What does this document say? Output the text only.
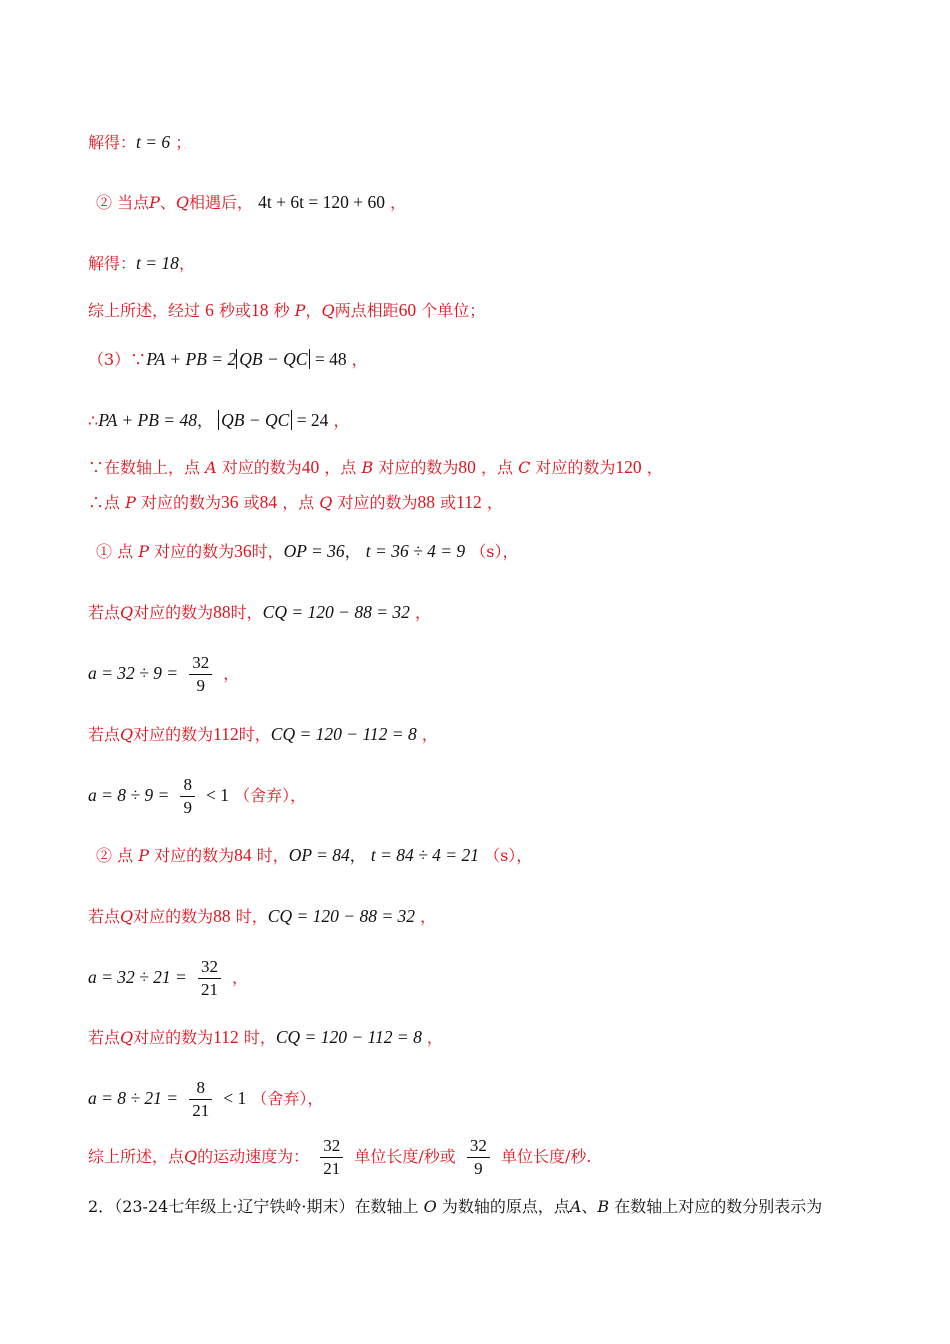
解得：t = 6 ；
② 当点P、Q相遇后， 4t + 6t = 120 + 60 ，
解得：t = 18，
综上所述，经过 6 秒或18 秒 P，Q两点相距60 个单位；
（3）∵PA + PB = 2 QB − QC = 48 ，
∴PA + PB = 48， QB − QC = 24 ，
∵在数轴上，点 A 对应的数为40 ，点 B 对应的数为80 ，点 C 对应的数为120 ，
∴点 P 对应的数为36 或84 ，点 Q 对应的数为88 或112 ，
① 点 P 对应的数为36时，OP = 36， t = 36 ÷ 4 = 9 （s），
若点Q对应的数为88时，CQ = 120 − 88 = 32 ，
$a = 32 \div 9 = \frac{32}{9}$ ，
若点Q对应的数为112时，CQ = 120 − 112 = 8 ，
$a = 8 \div 9 = \frac{8}{9} < 1$ （舍弃），
② 点 P 对应的数为84 时，OP = 84， t = 84 ÷ 4 = 21 （s），
若点Q对应的数为88 时，CQ = 120 − 88 = 32 ，
$a = 32 \div 21 = \frac{32}{21}$ ，
若点Q对应的数为112 时，CQ = 120 − 112 = 8 ，
$a = 8 \div 21 = \frac{8}{21} < 1$ （舍弃），
综上所述，点Q的运动速度为： $\frac{32}{21}$ 单位长度/秒或 $\frac{32}{9}$ 单位长度/秒.
2．（23-24七年级上·辽宁铁岭·期末）在数轴上 O 为数轴的原点，点A、B 在数轴上对应的数分别表示为
